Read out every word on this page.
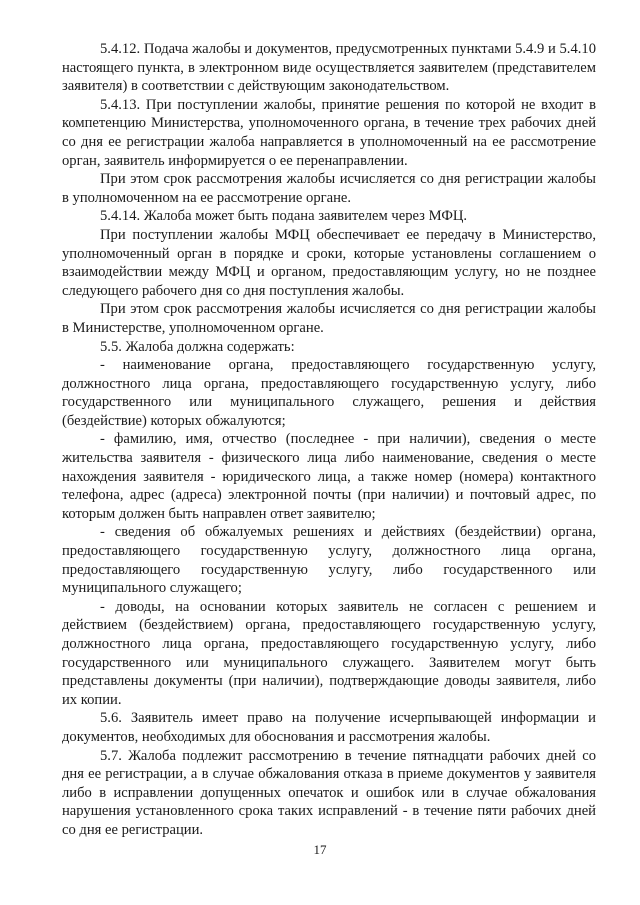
5.4.12. Подача жалобы и документов, предусмотренных пунктами 5.4.9 и 5.4.10 настоящего пункта, в электронном виде осуществляется заявителем (представителем заявителя) в соответствии с действующим законодательством.

5.4.13. При поступлении жалобы, принятие решения по которой не входит в компетенцию Министерства, уполномоченного органа, в течение трех рабочих дней со дня ее регистрации жалоба направляется в уполномоченный на ее рассмотрение орган, заявитель информируется о ее перенаправлении.

При этом срок рассмотрения жалобы исчисляется со дня регистрации жалобы в уполномоченном на ее рассмотрение органе.

5.4.14. Жалоба может быть подана заявителем через МФЦ.

При поступлении жалобы МФЦ обеспечивает ее передачу в Министерство, уполномоченный орган в порядке и сроки, которые установлены соглашением о взаимодействии между МФЦ и органом, предоставляющим услугу, но не позднее следующего рабочего дня со дня поступления жалобы.

При этом срок рассмотрения жалобы исчисляется со дня регистрации жалобы в Министерстве, уполномоченном органе.

5.5. Жалоба должна содержать:

- наименование органа, предоставляющего государственную услугу, должностного лица органа, предоставляющего государственную услугу, либо государственного или муниципального служащего, решения и действия (бездействие) которых обжалуются;

- фамилию, имя, отчество (последнее - при наличии), сведения о месте жительства заявителя - физического лица либо наименование, сведения о месте нахождения заявителя - юридического лица, а также номер (номера) контактного телефона, адрес (адреса) электронной почты (при наличии) и почтовый адрес, по которым должен быть направлен ответ заявителю;

- сведения об обжалуемых решениях и действиях (бездействии) органа, предоставляющего государственную услугу, должностного лица органа, предоставляющего государственную услугу, либо государственного или муниципального служащего;

- доводы, на основании которых заявитель не согласен с решением и действием (бездействием) органа, предоставляющего государственную услугу, должностного лица органа, предоставляющего государственную услугу, либо государственного или муниципального служащего. Заявителем могут быть представлены документы (при наличии), подтверждающие доводы заявителя, либо их копии.

5.6. Заявитель имеет право на получение исчерпывающей информации и документов, необходимых для обоснования и рассмотрения жалобы.

5.7. Жалоба подлежит рассмотрению в течение пятнадцати рабочих дней со дня ее регистрации, а в случае обжалования отказа в приеме документов у заявителя либо в исправлении допущенных опечаток и ошибок или в случае обжалования нарушения установленного срока таких исправлений - в течение пяти рабочих дней со дня ее регистрации.

17
